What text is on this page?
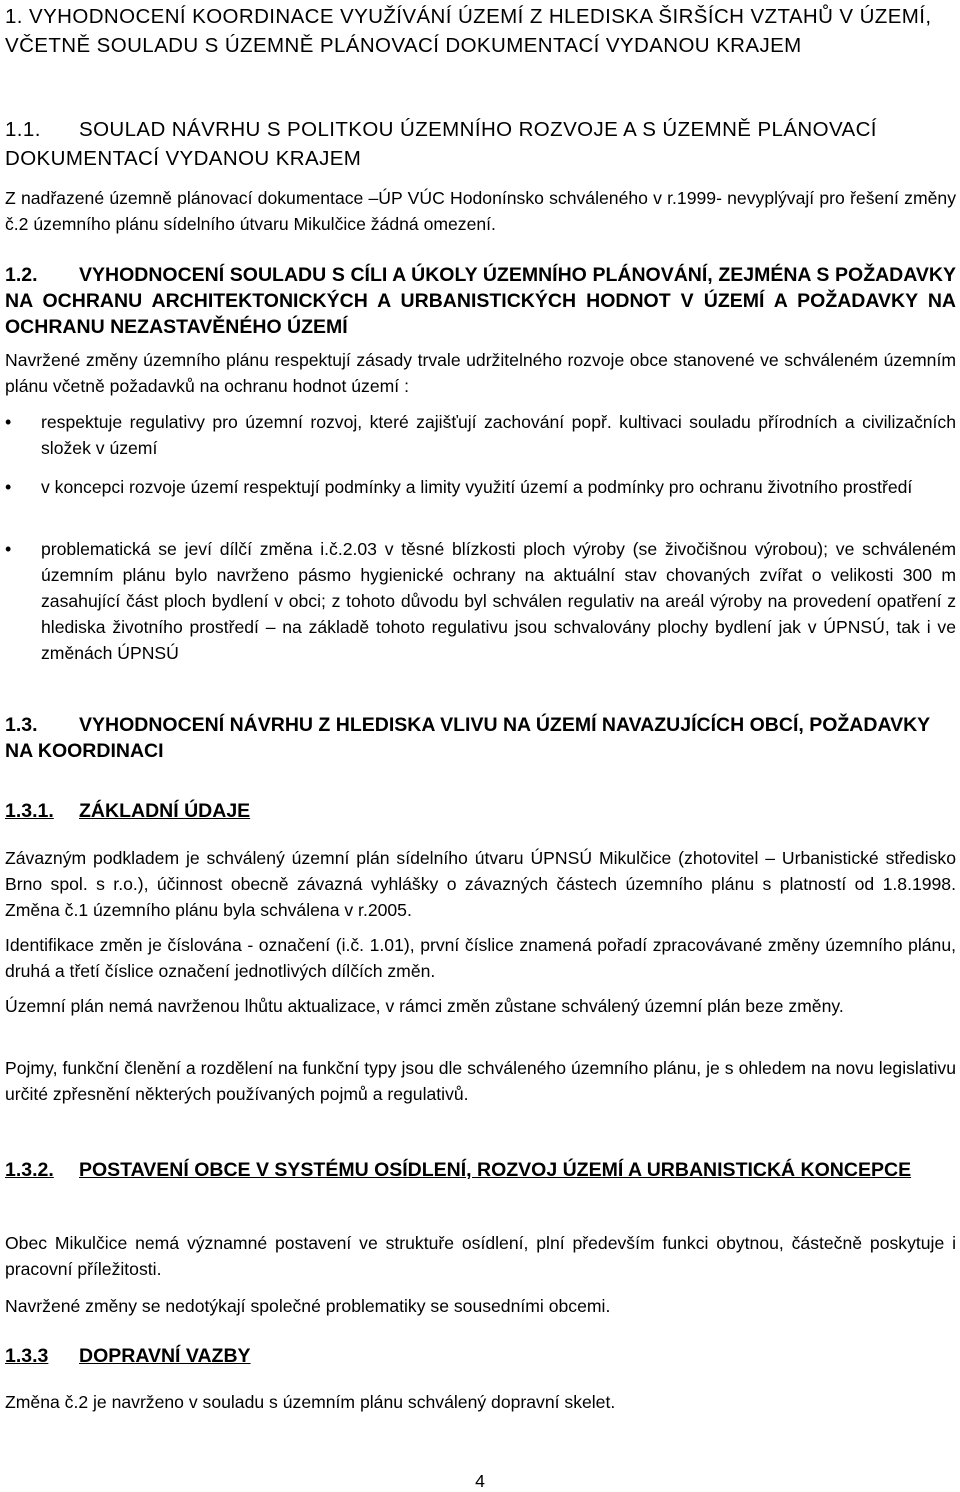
1. VYHODNOCENÍ KOORDINACE VYUŽÍVÁNÍ ÚZEMÍ Z HLEDISKA ŠIRŠÍCH VZTAHŮ V ÚZEMÍ, VČETNĚ SOULADU S ÚZEMNĚ PLÁNOVACÍ DOKUMENTACÍ VYDANOU KRAJEM
1.1. SOULAD NÁVRHU S POLITKOU ÚZEMNÍHO ROZVOJE A S ÚZEMNĚ PLÁNOVACÍ DOKUMENTACÍ VYDANOU KRAJEM
Z nadřazené územně plánovací dokumentace –ÚP VÚC Hodonínsko schváleného v r.1999- nevyplývají pro řešení změny č.2 územního plánu sídelního útvaru Mikulčice žádná omezení.
1.2. VYHODNOCENÍ SOULADU S CÍLI A ÚKOLY ÚZEMNÍHO PLÁNOVÁNÍ, ZEJMÉNA S POŽADAVKY NA OCHRANU ARCHITEKTONICKÝCH A URBANISTICKÝCH HODNOT V ÚZEMÍ A POŽADAVKY NA OCHRANU NEZASTAVĚNÉHO ÚZEMÍ
Navržené změny územního plánu respektují zásady trvale udržitelného rozvoje obce stanovené ve schváleném územním plánu včetně požadavků na ochranu hodnot území :
•	respektuje regulativy pro územní rozvoj, které zajišťují zachování popř. kultivaci souladu přírodních a civilizačních složek v území
•	v koncepci rozvoje území respektují podmínky a limity využití území a podmínky pro ochranu životního prostředí
•	problematická se jeví dílčí změna i.č.2.03 v těsné blízkosti ploch výroby (se živočišnou výrobou); ve schváleném územním plánu bylo navrženo pásmo hygienické ochrany na aktuální stav chovaných zvířat o velikosti 300 m zasahující část ploch bydlení v obci; z tohoto důvodu byl schválen regulativ na areál výroby na provedení opatření z hlediska životního prostředí – na základě tohoto regulativu jsou schvalovány plochy bydlení jak v ÚPNSÚ, tak i ve změnách ÚPNSÚ
1.3. VYHODNOCENÍ NÁVRHU Z HLEDISKA VLIVU NA ÚZEMÍ NAVAZUJÍCÍCH OBCÍ, POŽADAVKY NA KOORDINACI
1.3.1. ZÁKLADNÍ ÚDAJE
Závazným podkladem je schválený územní plán sídelního útvaru ÚPNSÚ Mikulčice (zhotovitel – Urbanistické středisko Brno spol. s r.o.), účinnost obecně závazná vyhlášky o závazných částech územního plánu s platností od 1.8.1998. Změna č.1 územního plánu byla schválena v r.2005.
Identifikace změn je číslována - označení (i.č. 1.01), první číslice znamená pořadí zpracovávané změny územního plánu, druhá a třetí číslice označení jednotlivých dílčích změn.
Územní plán nemá navrženou lhůtu aktualizace, v rámci změn zůstane schválený územní plán beze změny.
Pojmy, funkční členění a rozdělení na funkční typy jsou dle schváleného územního plánu, je s ohledem na novu legislativu určité zpřesnění některých používaných pojmů a regulativů.
1.3.2. POSTAVENÍ OBCE V SYSTÉMU OSÍDLENÍ, ROZVOJ ÚZEMÍ A URBANISTICKÁ KONCEPCE
Obec Mikulčice nemá významné postavení ve struktuře osídlení, plní především funkci obytnou, částečně poskytuje i pracovní příležitosti.
Navržené změny se nedotýkají společné problematiky se sousedními obcemi.
1.3.3 DOPRAVNÍ VAZBY
Změna č.2 je navrženo v souladu s územním plánu schválený dopravní skelet.
4
